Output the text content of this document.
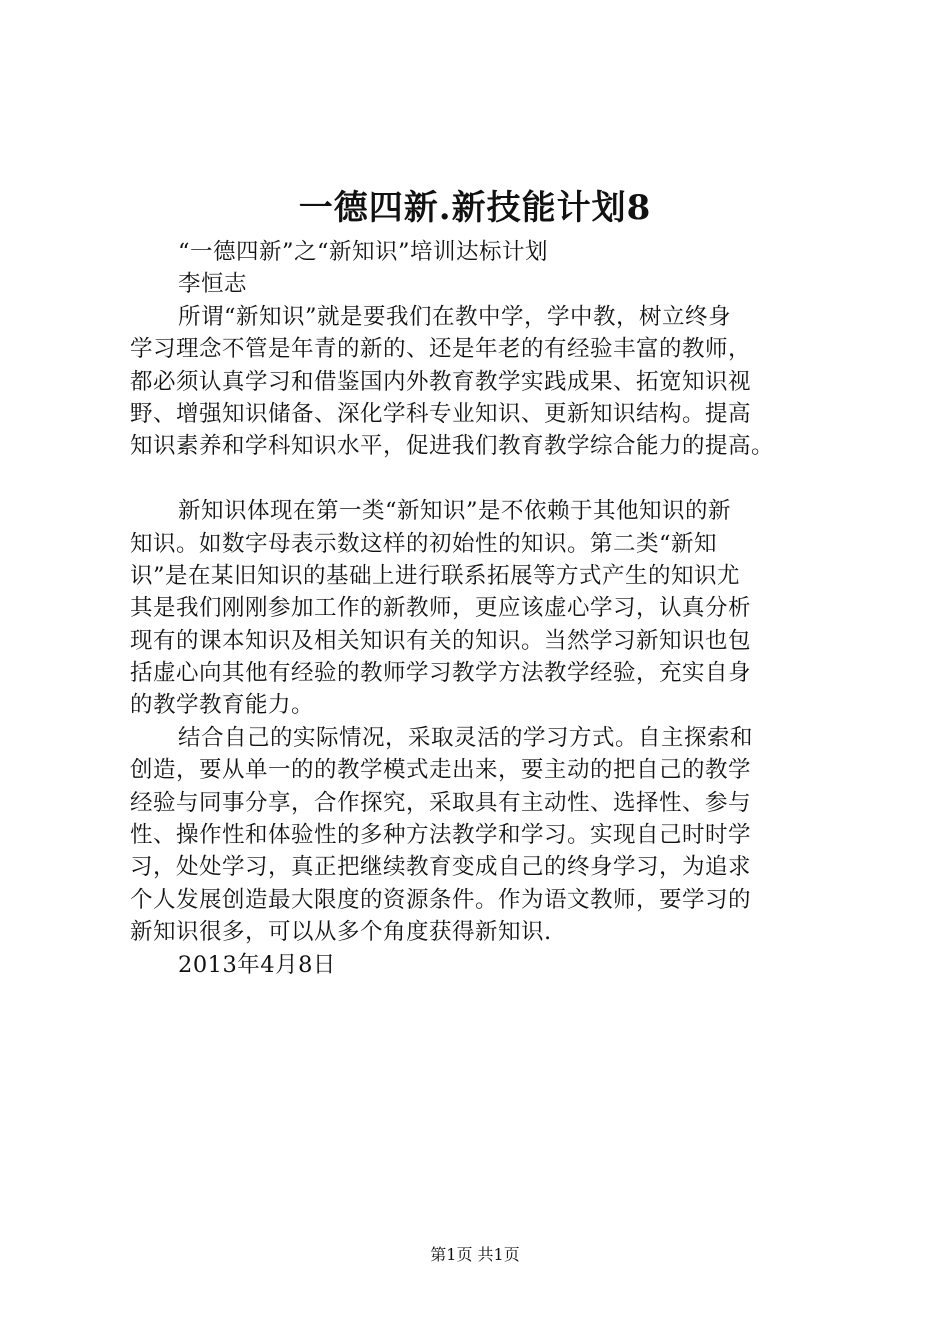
一德四新.新技能计划8
“一德四新”之“新知识”培训达标计划
李恒志
所谓“新知识”就是要我们在教中学，学中教，树立终身
学习理念不管是年青的新的、还是年老的有经验丰富的教师，
都必须认真学习和借鉴国内外教育教学实践成果、拓宽知识视
野、增强知识储备、深化学科专业知识、更新知识结构。提高
知识素养和学科知识水平，促进我们教育教学综合能力的提高。
新知识体现在第一类“新知识”是不依赖于其他知识的新
知识。如数字母表示数这样的初始性的知识。第二类“新知
识”是在某旧知识的基础上进行联系拓展等方式产生的知识尤
其是我们刚刚参加工作的新教师，更应该虚心学习，认真分析
现有的课本知识及相关知识有关的知识。当然学习新知识也包
括虚心向其他有经验的教师学习教学方法教学经验，充实自身
的教学教育能力。
结合自己的实际情况，采取灵活的学习方式。自主探索和
创造，要从单一的的教学模式走出来，要主动的把自己的教学
经验与同事分享，合作探究，采取具有主动性、选择性、参与
性、操作性和体验性的多种方法教学和学习。实现自己时时学
习，处处学习，真正把继续教育变成自己的终身学习，为追求
个人发展创造最大限度的资源条件。作为语文教师，要学习的
新知识很多，可以从多个角度获得新知识.
2013年4月8日
第1页 共1页
